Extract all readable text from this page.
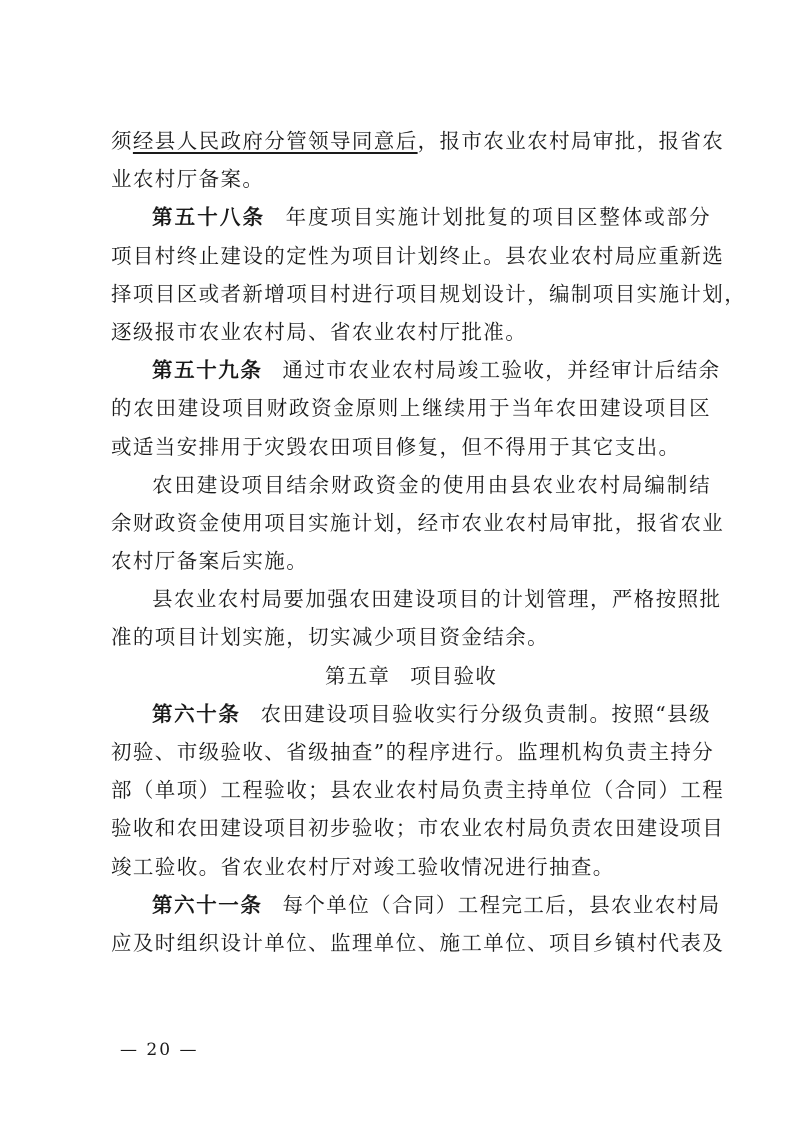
须经县人民政府分管领导同意后，报市农业农村局审批，报省农
业农村厅备案。
第五十八条 年度项目实施计划批复的项目区整体或部分
项目村终止建设的定性为项目计划终止。县农业农村局应重新选
择项目区或者新增项目村进行项目规划设计，编制项目实施计划，
逐级报市农业农村局、省农业农村厅批准。
第五十九条 通过市农业农村局竣工验收，并经审计后结余
的农田建设项目财政资金原则上继续用于当年农田建设项目区
或适当安排用于灾毁农田项目修复，但不得用于其它支出。
农田建设项目结余财政资金的使用由县农业农村局编制结
余财政资金使用项目实施计划，经市农业农村局审批，报省农业
农村厅备案后实施。
县农业农村局要加强农田建设项目的计划管理，严格按照批
准的项目计划实施，切实减少项目资金结余。
第五章 项目验收
第六十条 农田建设项目验收实行分级负责制。按照“县级
初验、市级验收、省级抽查”的程序进行。监理机构负责主持分
部（单项）工程验收；县农业农村局负责主持单位（合同）工程
验收和农田建设项目初步验收；市农业农村局负责农田建设项目
竣工验收。省农业农村厅对竣工验收情况进行抽查。
第六十一条 每个单位（合同）工程完工后，县农业农村局
应及时组织设计单位、监理单位、施工单位、项目乡镇村代表及
— 20 —
